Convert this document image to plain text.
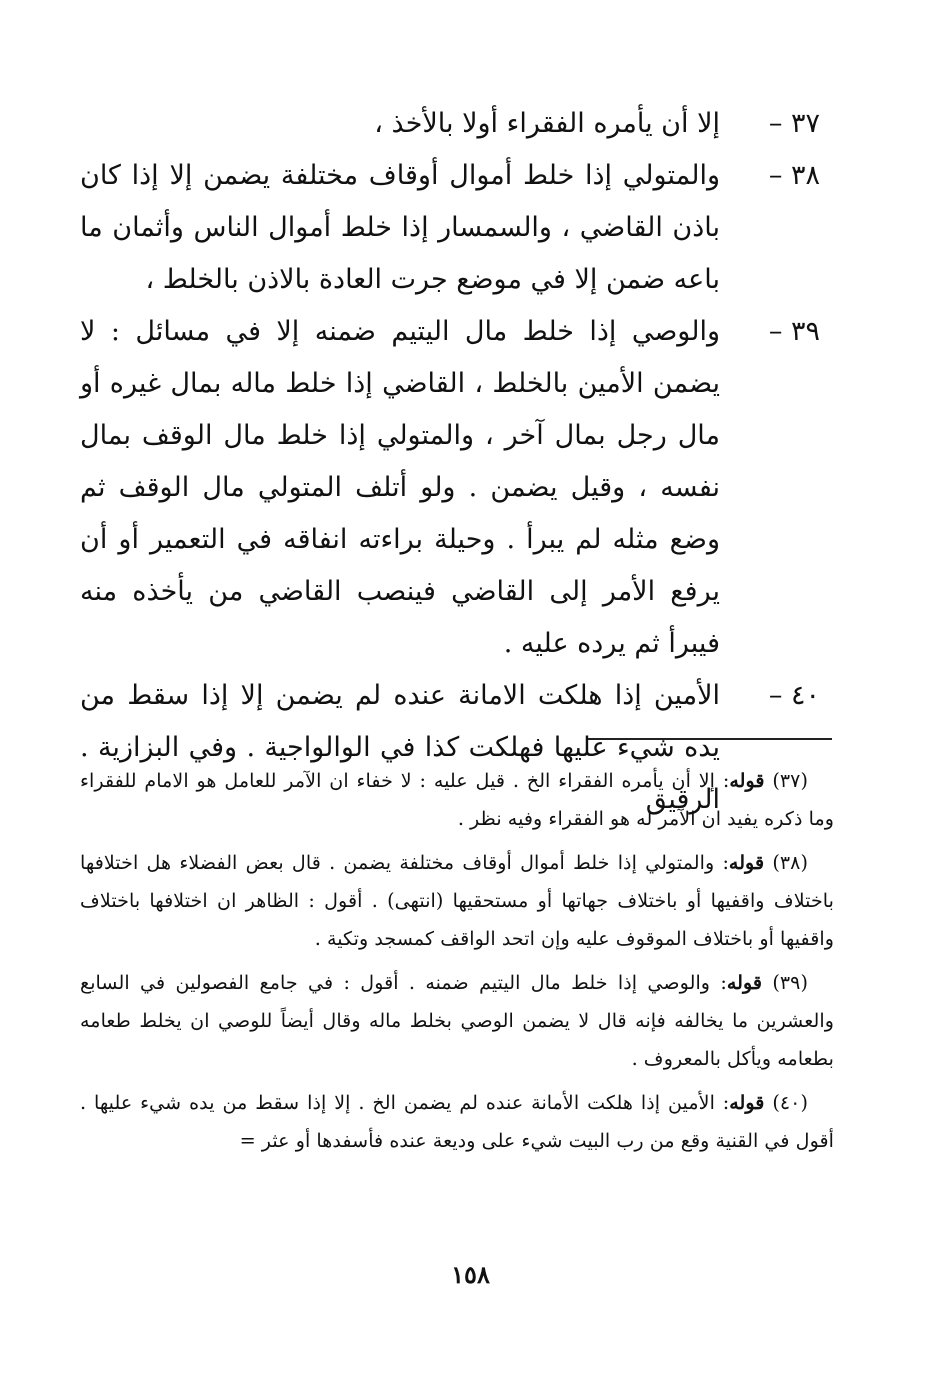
٣٧ –
إلا أن يأمره الفقراء أولا بالأخذ ،
٣٨ –
والمتولي إذا خلط أموال أوقاف مختلفة يضمن إلا إذا كان باذن القاضي ، والسمسار إذا خلط أموال الناس وأثمان ما باعه ضمن إلا في موضع جرت العادة بالاذن بالخلط ،
٣٩ –
والوصي إذا خلط مال اليتيم ضمنه إلا في مسائل : لا يضمن الأمين بالخلط ، القاضي إذا خلط ماله بمال غيره أو مال رجل بمال آخر ، والمتولي إذا خلط مال الوقف بمال نفسه ، وقيل يضمن . ولو أتلف المتولي مال الوقف ثم وضع مثله لم يبرأ . وحيلة براءته انفاقه في التعمير أو أن يرفع الأمر إلى القاضي فينصب القاضي من يأخذه منه فيبرأ ثم يرده عليه .
٤٠ –
الأمين إذا هلكت الامانة عنده لم يضمن إلا إذا سقط من يده شيء عليها فهلكت كذا في الوالواجية . وفي البزازية . الرقيق

(٣٧) قوله: إلا أن يأمره الفقراء الخ . قيل عليه : لا خفاء ان الآمر للعامل هو الامام للفقراء وما ذكره يفيد ان الآمر له هو الفقراء وفيه نظر .

(٣٨) قوله: والمتولي إذا خلط أموال أوقاف مختلفة يضمن . قال بعض الفضلاء هل اختلافها باختلاف واقفيها أو باختلاف جهاتها أو مستحقيها (انتهى) . أقول : الظاهر ان اختلافها باختلاف واقفيها أو باختلاف الموقوف عليه وإن اتحد الواقف كمسجد وتكية .

(٣٩) قوله: والوصي إذا خلط مال اليتيم ضمنه . أقول : في جامع الفصولين في السابع والعشرين ما يخالفه فإنه قال لا يضمن الوصي بخلط ماله وقال أيضاً للوصي ان يخلط طعامه بطعامه ويأكل بالمعروف .

(٤٠) قوله: الأمين إذا هلكت الأمانة عنده لم يضمن الخ . إلا إذا سقط من يده شيء عليها . أقول في القنية وقع من رب البيت شيء على وديعة عنده فأسفدها أو عثر =

١٥٨
